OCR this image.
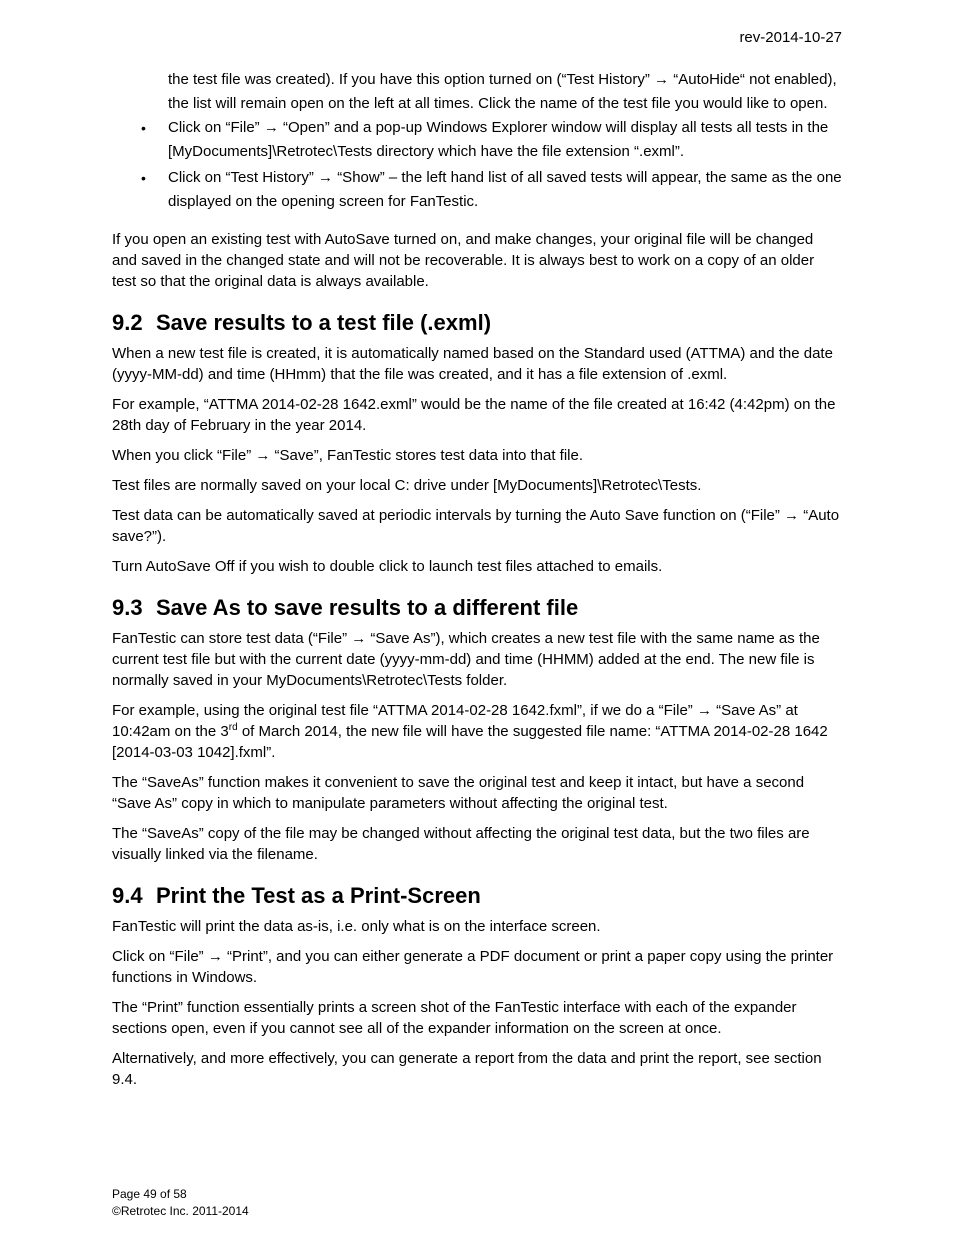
rev-2014-10-27
the test file was created). If you have this option turned on (“Test History” → “AutoHide“ not enabled), the list will remain open on the left at all times. Click the name of the test file you would like to open.
• Click on “File” → “Open” and a pop-up Windows Explorer window will display all tests all tests in the [MyDocuments]\Retrotec\Tests directory which have the file extension “.exml”.
• Click on “Test History” → “Show” – the left hand list of all saved tests will appear, the same as the one displayed on the opening screen for FanTestic.

If you open an existing test with AutoSave turned on, and make changes, your original file will be changed and saved in the changed state and will not be recoverable. It is always best to work on a copy of an older test so that the original data is always available.

9.2 Save results to a test file (.exml)

When a new test file is created, it is automatically named based on the Standard used (ATTMA) and the date (yyyy-MM-dd) and time (HHmm) that the file was created, and it has a file extension of .exml.

For example, “ATTMA 2014-02-28 1642.exml” would be the name of the file created at 16:42 (4:42pm) on the 28th day of February in the year 2014.

When you click “File” → “Save”, FanTestic stores test data into that file.

Test files are normally saved on your local C: drive under [MyDocuments]\Retrotec\Tests.

Test data can be automatically saved at periodic intervals by turning the Auto Save function on (“File” → “Auto save?”).

Turn AutoSave Off if you wish to double click to launch test files attached to emails.

9.3 Save As to save results to a different file

FanTestic can store test data (“File” → “Save As”), which creates a new test file with the same name as the current test file but with the current date (yyyy-mm-dd) and time (HHMM) added at the end. The new file is normally saved in your MyDocuments\Retrotec\Tests folder.

For example, using the original test file “ATTMA 2014-02-28 1642.fxml”, if we do a “File” → “Save As” at 10:42am on the 3rd of March 2014, the new file will have the suggested file name: “ATTMA 2014-02-28 1642 [2014-03-03 1042].fxml”.

The “SaveAs” function makes it convenient to save the original test and keep it intact, but have a second “Save As” copy in which to manipulate parameters without affecting the original test.

The “SaveAs” copy of the file may be changed without affecting the original test data, but the two files are visually linked via the filename.

9.4 Print the Test as a Print-Screen

FanTestic will print the data as-is, i.e. only what is on the interface screen.

Click on “File” → “Print”, and you can either generate a PDF document or print a paper copy using the printer functions in Windows.

The “Print” function essentially prints a screen shot of the FanTestic interface with each of the expander sections open, even if you cannot see all of the expander information on the screen at once.

Alternatively, and more effectively, you can generate a report from the data and print the report, see section 9.4.

Page 49 of 58
©Retrotec Inc. 2011-2014
